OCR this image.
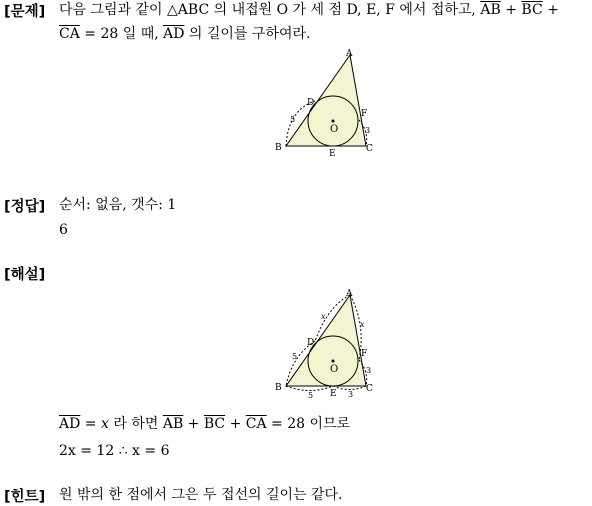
[문제] 다음 그림과 같이 △ABC 의 내접원 O 가 세 점 D, E, F 에서 접하고, $\overline{AB} + \overline{BC}$ +
$\overline{CA} = 28$ 일 때, $\overline{AD}$ 의 길이를 구하여라.
A
B	C
D
E
F
O
5
3
[정답] 순서: 없음, 갯수: 1
6
[해설]
A
B	C
D
E
F
O
5
5	3
3
x
x
$\overline{AD} = x$ 라 하면 $\overline{AB} + \overline{BC} + \overline{CA} = 28$ 이므로
2x = 12 ∴ x = 6
[힌트] 원 밖의 한 점에서 그은 두 접선의 길이는 같다.
